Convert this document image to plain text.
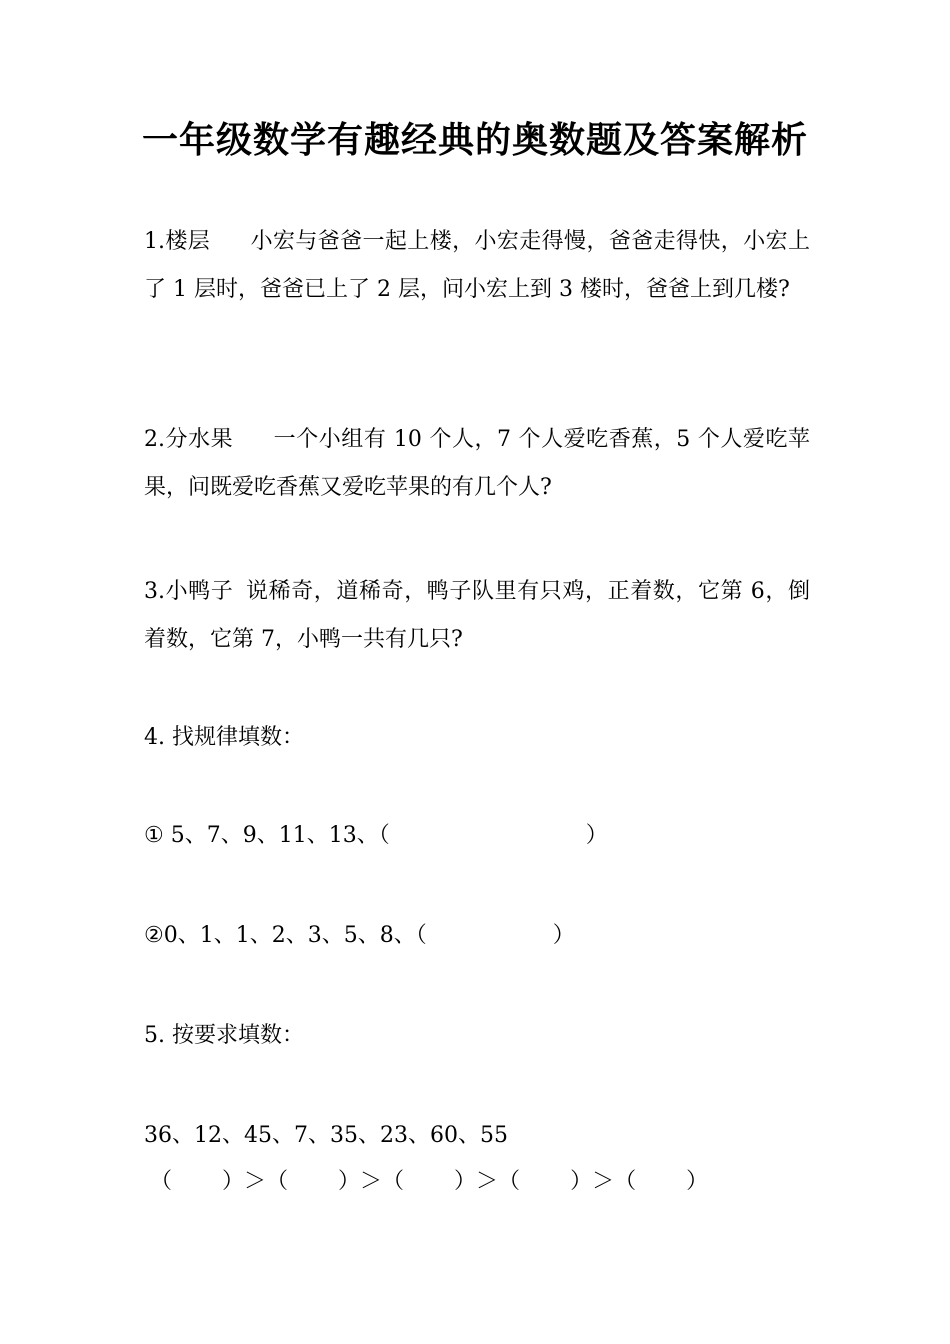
一年级数学有趣经典的奥数题及答案解析
1.楼层 小宏与爸爸一起上楼，小宏走得慢，爸爸走得快，小宏上了 1 层时，爸爸已上了 2 层，问小宏上到 3 楼时，爸爸上到几楼?
2.分水果 一个小组有 10 个人，7 个人爱吃香蕉，5 个人爱吃苹果，问既爱吃香蕉又爱吃苹果的有几个人?
3.小鸭子 说稀奇，道稀奇，鸭子队里有只鸡，正着数，它第 6，倒着数，它第 7，小鸭一共有几只?
4. 找规律填数：
① 5、7、9、11、13、（	）
②0、1、1、2、3、5、8、（	）
5. 按要求填数：
36、12、45、7、35、23、60、55
（ ）＞（ ）＞（ ）＞（ ）＞（ ）
